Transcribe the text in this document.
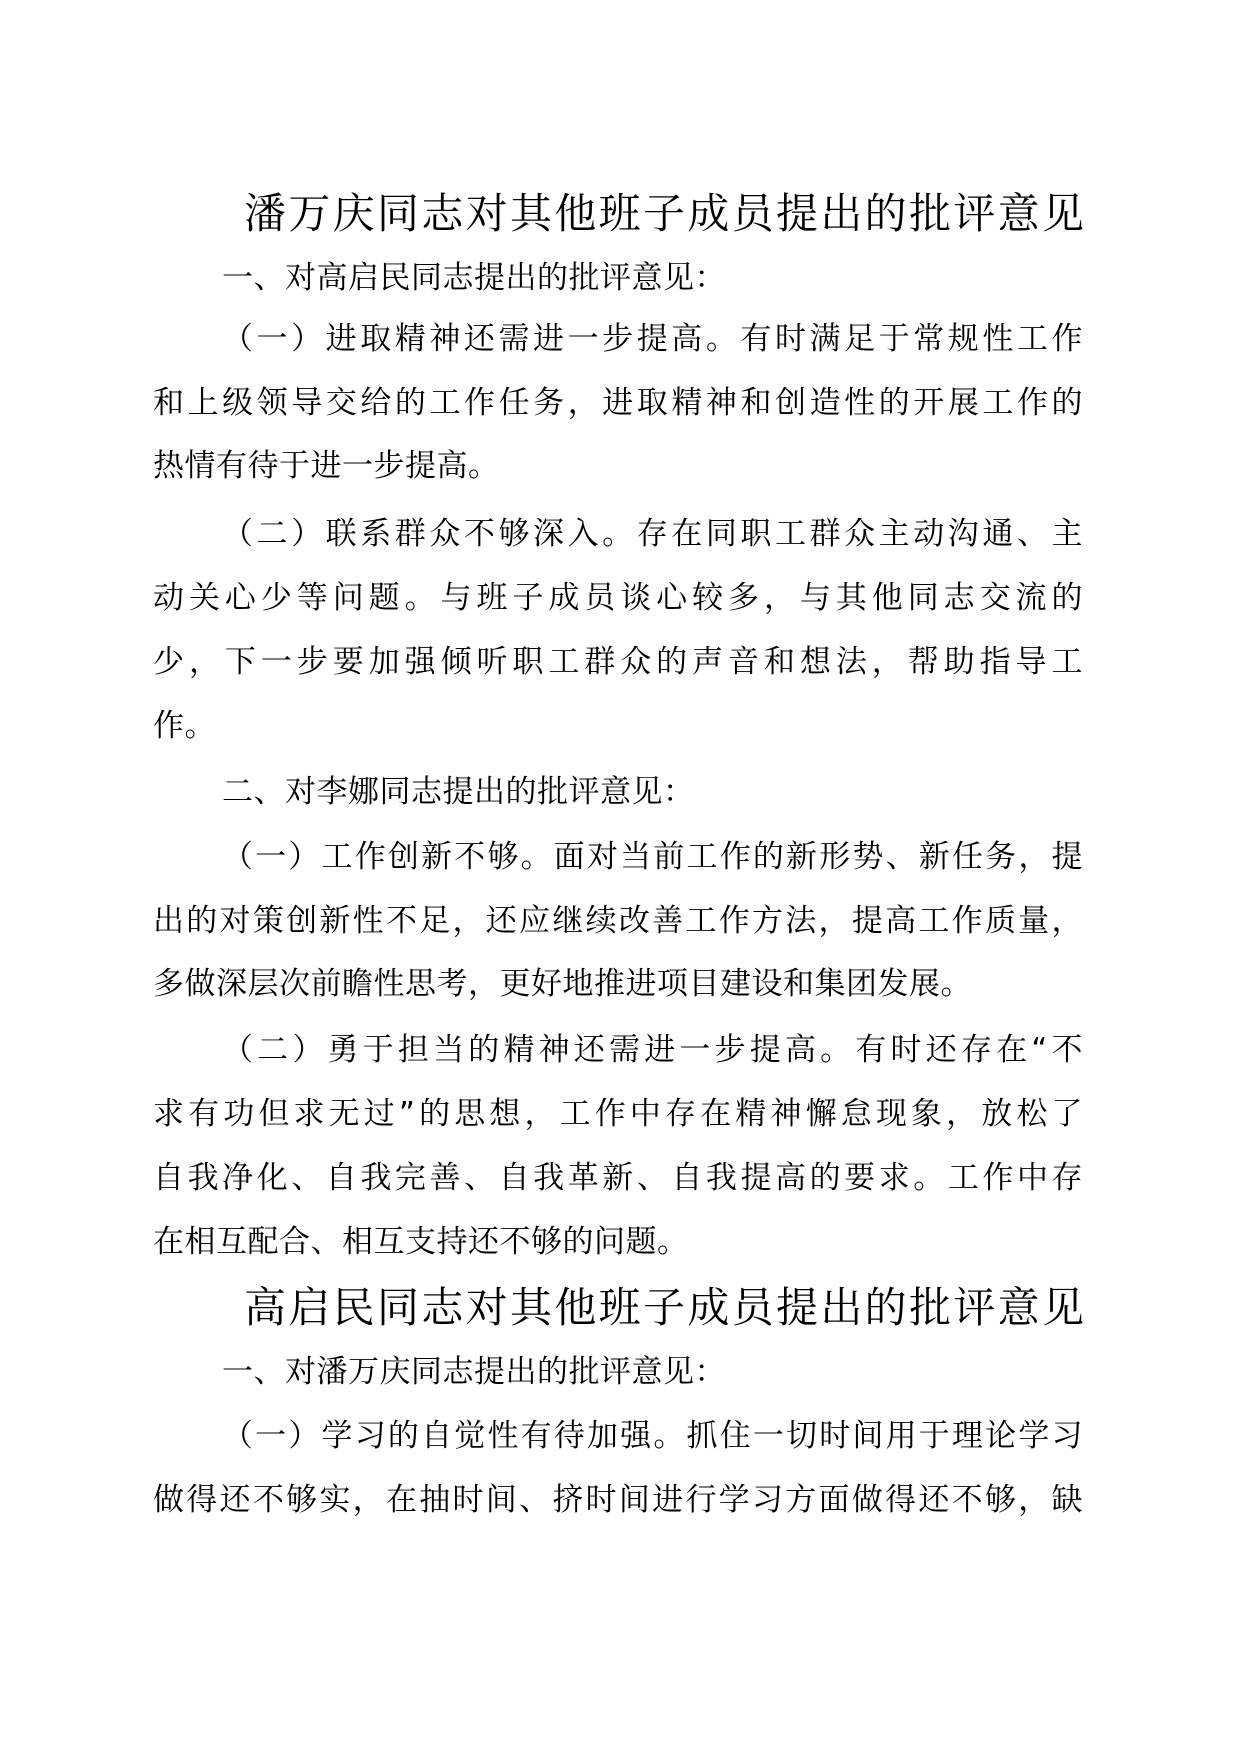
潘万庆同志对其他班子成员提出的批评意见
一、对高启民同志提出的批评意见：
（一）进取精神还需进一步提高。有时满足于常规性工作
和上级领导交给的工作任务，进取精神和创造性的开展工作的
热情有待于进一步提高。
（二）联系群众不够深入。存在同职工群众主动沟通、主
动关心少等问题。与班子成员谈心较多，与其他同志交流的
少，下一步要加强倾听职工群众的声音和想法，帮助指导工
作。
二、对李娜同志提出的批评意见：
（一）工作创新不够。面对当前工作的新形势、新任务，提
出的对策创新性不足，还应继续改善工作方法，提高工作质量，
多做深层次前瞻性思考，更好地推进项目建设和集团发展。
（二）勇于担当的精神还需进一步提高。有时还存在“不
求有功但求无过”的思想，工作中存在精神懈怠现象，放松了
自我净化、自我完善、自我革新、自我提高的要求。工作中存
在相互配合、相互支持还不够的问题。
高启民同志对其他班子成员提出的批评意见
一、对潘万庆同志提出的批评意见：
（一）学习的自觉性有待加强。抓住一切时间用于理论学习
做得还不够实，在抽时间、挤时间进行学习方面做得还不够，缺
